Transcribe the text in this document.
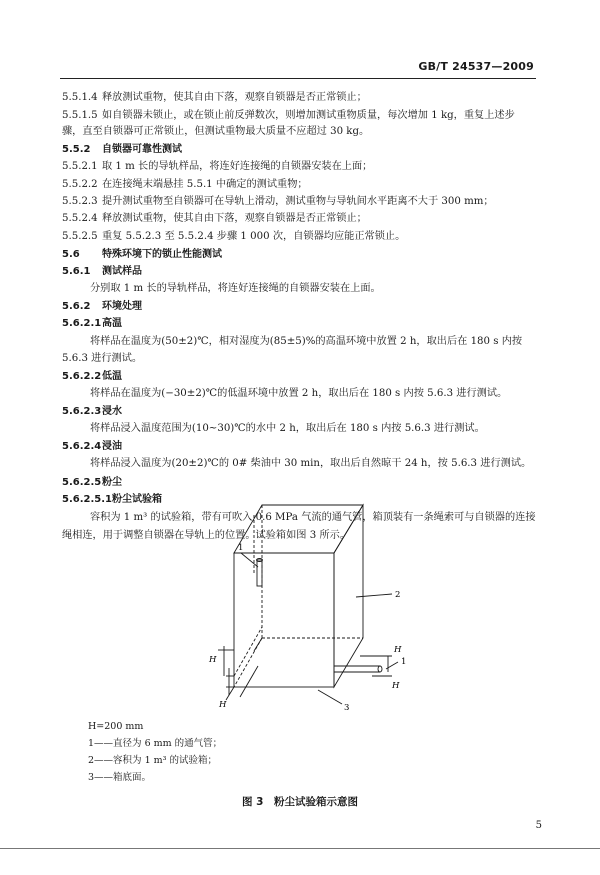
GB/T 24537—2009
5.5.1.4 释放测试重物，使其自由下落，观察自锁器是否正常锁止；
5.5.1.5 如自锁器未锁止，或在锁止前反弹数次，则增加测试重物质量，每次增加 1 kg，重复上述步
骤，直至自锁器可正常锁止，但测试重物最大质量不应超过 30 kg。
5.5.2 自锁器可靠性测试
5.5.2.1 取 1 m 长的导轨样品，将连好连接绳的自锁器安装在上面；
5.5.2.2 在连接绳末端悬挂 5.5.1 中确定的测试重物；
5.5.2.3 提升测试重物至自锁器可在导轨上滑动，测试重物与导轨间水平距离不大于 300 mm；
5.5.2.4 释放测试重物，使其自由下落，观察自锁器是否正常锁止；
5.5.2.5 重复 5.5.2.3 至 5.5.2.4 步骤 1 000 次，自锁器均应能正常锁止。
5.6 特殊环境下的锁止性能测试
5.6.1 测试样品
分别取 1 m 长的导轨样品，将连好连接绳的自锁器安装在上面。
5.6.2 环境处理
5.6.2.1高温
将样品在温度为(50±2)℃，相对湿度为(85±5)%的高温环境中放置 2 h，取出后在 180 s 内按
5.6.3 进行测试。
5.6.2.2低温
将样品在温度为(−30±2)℃的低温环境中放置 2 h，取出后在 180 s 内按 5.6.3 进行测试。
5.6.2.3浸水
将样品浸入温度范围为(10~30)℃的水中 2 h，取出后在 180 s 内按 5.6.3 进行测试。
5.6.2.4浸油
将样品浸入温度为(20±2)℃的 0# 柴油中 30 min，取出后自然晾干 24 h，按 5.6.3 进行测试。
5.6.2.5粉尘
5.6.2.5.1粉尘试验箱
容积为 1 m³ 的试验箱，带有可吹入 0.6 MPa 气流的通气管，箱顶装有一条绳索可与自锁器的连接
绳相连，用于调整自锁器在导轨上的位置。试验箱如图 3 所示。
1
2
3
1
H
H
H
H
H=200 mm
1——直径为 6 mm 的通气管；
2——容积为 1 m³ 的试验箱；
3——箱底面。
图 3　粉尘试验箱示意图
5
